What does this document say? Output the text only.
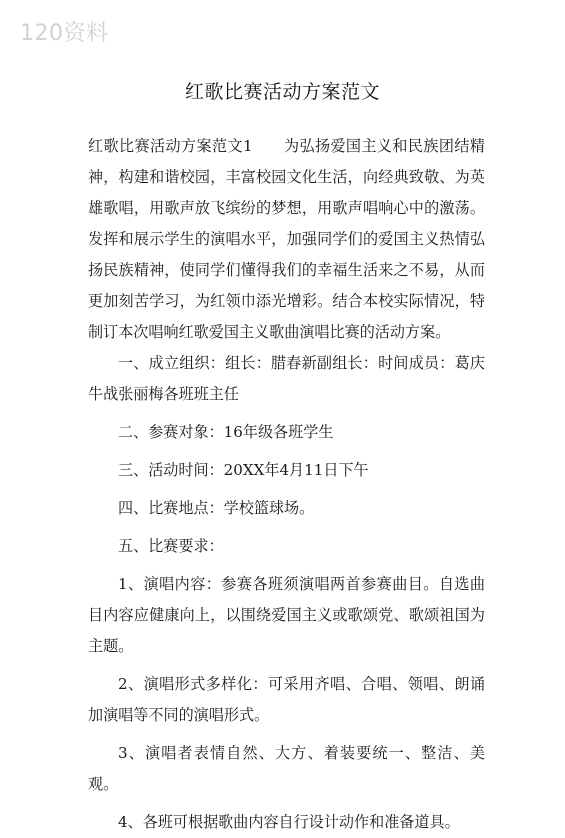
120资料
红歌比赛活动方案范文

红歌比赛活动方案范文1　　为弘扬爱国主义和民族团结精神，构建和谐校园，丰富校园文化生活，向经典致敬、为英雄歌唱，用歌声放飞缤纷的梦想，用歌声唱响心中的激荡。发挥和展示学生的演唱水平，加强同学们的爱国主义热情弘扬民族精神，使同学们懂得我们的幸福生活来之不易，从而更加刻苦学习，为红领巾添光增彩。结合本校实际情况，特制订本次唱响红歌爱国主义歌曲演唱比赛的活动方案。

一、成立组织：组长：腊春新副组长：时间成员：葛庆牛战张丽梅各班班主任

二、参赛对象：16年级各班学生

三、活动时间：20XX年4月11日下午

四、比赛地点：学校篮球场。

五、比赛要求：

1、演唱内容：参赛各班须演唱两首参赛曲目。自选曲目内容应健康向上，以围绕爱国主义或歌颂党、歌颂祖国为主题。

2、演唱形式多样化：可采用齐唱、合唱、领唱、朗诵加演唱等不同的演唱形式。

3、演唱者表情自然、大方、着装要统一、整洁、美观。

4、各班可根据歌曲内容自行设计动作和准备道具。
